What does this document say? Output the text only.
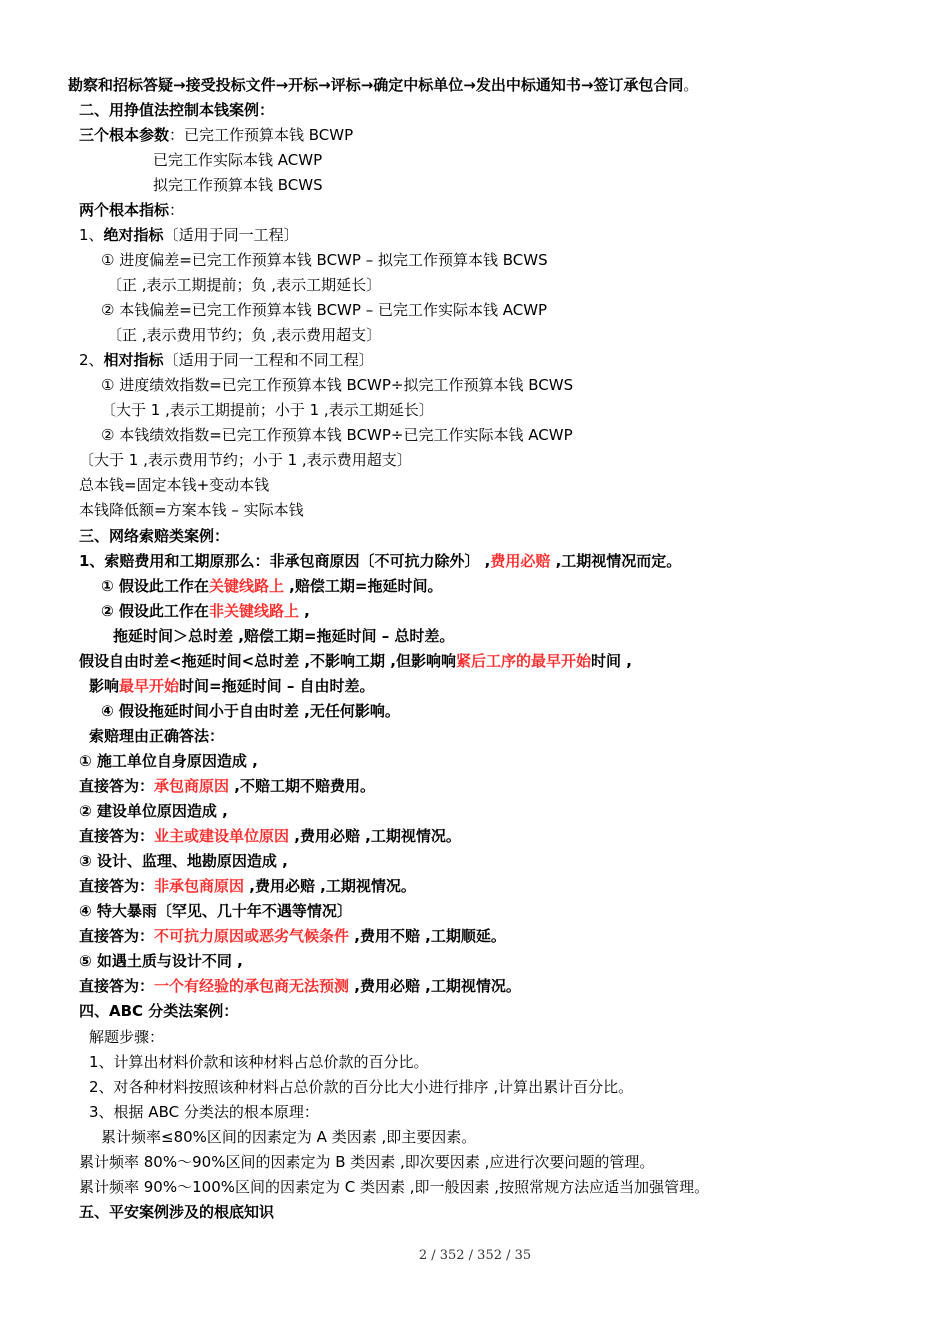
勘察和招标答疑→接受投标文件→开标→评标→确定中标单位→发出中标通知书→签订承包合同。
二、用挣值法控制本钱案例：
三个根本参数：已完工作预算本钱 BCWP
已完工作实际本钱 ACWP
拟完工作预算本钱 BCWS
两个根本指标：
1、绝对指标〔适用于同一工程〕
① 进度偏差=已完工作预算本钱 BCWP – 拟完工作预算本钱 BCWS
〔正 ,表示工期提前；负 ,表示工期延长〕
② 本钱偏差=已完工作预算本钱 BCWP – 已完工作实际本钱 ACWP
〔正 ,表示费用节约；负 ,表示费用超支〕
2、相对指标〔适用于同一工程和不同工程〕
① 进度绩效指数=已完工作预算本钱 BCWP÷拟完工作预算本钱 BCWS
〔大于 1 ,表示工期提前；小于 1 ,表示工期延长〕
② 本钱绩效指数=已完工作预算本钱 BCWP÷已完工作实际本钱 ACWP
〔大于 1 ,表示费用节约；小于 1 ,表示费用超支〕
总本钱=固定本钱+变动本钱
本钱降低额=方案本钱 – 实际本钱
三、网络索赔类案例：
1、索赔费用和工期原那么：非承包商原因〔不可抗力除外〕 ,费用必赔 ,工期视情况而定。
① 假设此工作在关键线路上 ,赔偿工期=拖延时间。
② 假设此工作在非关键线路上 ,
拖延时间＞总时差 ,赔偿工期=拖延时间 – 总时差。
假设自由时差<拖延时间<总时差 ,不影响工期 ,但影响响紧后工序的最早开始时间 ,
影响最早开始时间=拖延时间 – 自由时差。
④ 假设拖延时间小于自由时差 ,无任何影响。
索赔理由正确答法：
① 施工单位自身原因造成 ,
直接答为：承包商原因 ,不赔工期不赔费用。
② 建设单位原因造成 ,
直接答为：业主或建设单位原因 ,费用必赔 ,工期视情况。
③ 设计、监理、地勘原因造成 ,
直接答为：非承包商原因 ,费用必赔 ,工期视情况。
④ 特大暴雨〔罕见、几十年不遇等情况〕
直接答为：不可抗力原因或恶劣气候条件 ,费用不赔 ,工期顺延。
⑤ 如遇土质与设计不同 ,
直接答为：一个有经验的承包商无法预测 ,费用必赔 ,工期视情况。
四、ABC 分类法案例：
解题步骤：
1、计算出材料价款和该种材料占总价款的百分比。
2、对各种材料按照该种材料占总价款的百分比大小进行排序 ,计算出累计百分比。
3、根据 ABC 分类法的根本原理：
累计频率≤80%区间的因素定为 A 类因素 ,即主要因素。
累计频率 80%～90%区间的因素定为 B 类因素 ,即次要因素 ,应进行次要问题的管理。
累计频率 90%～100%区间的因素定为 C 类因素 ,即一般因素 ,按照常规方法应适当加强管理。
五、平安案例涉及的根底知识
2 / 352 / 352 / 35
